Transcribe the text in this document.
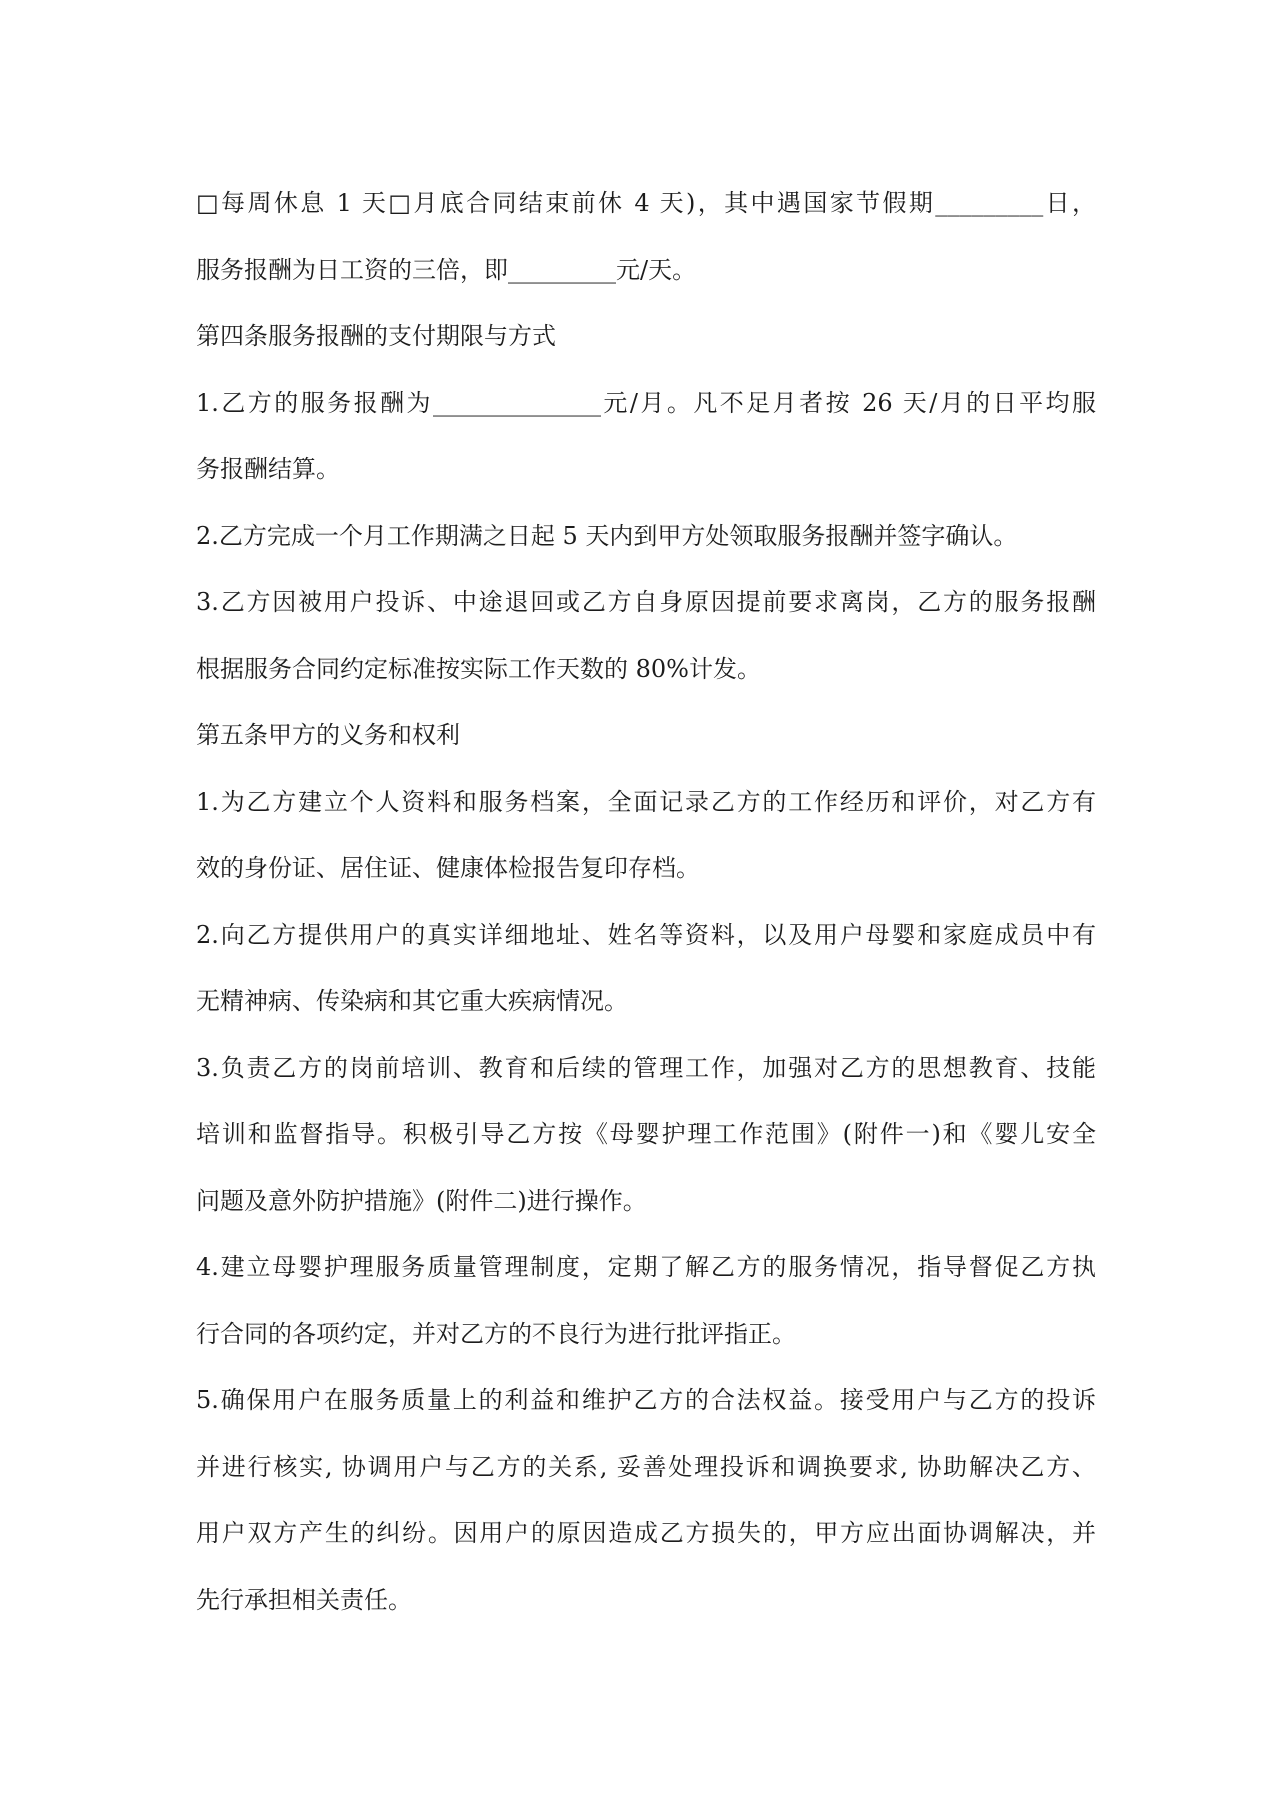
□每周休息 1 天□月底合同结束前休 4 天)，其中遇国家节假期_________日，
服务报酬为日工资的三倍，即_________元/天。
第四条服务报酬的支付期限与方式
1.乙方的服务报酬为______________元/月。凡不足月者按 26 天/月的日平均服
务报酬结算。
2.乙方完成一个月工作期满之日起 5 天内到甲方处领取服务报酬并签字确认。
3.乙方因被用户投诉、中途退回或乙方自身原因提前要求离岗，乙方的服务报酬
根据服务合同约定标准按实际工作天数的 80%计发。
第五条甲方的义务和权利
1.为乙方建立个人资料和服务档案，全面记录乙方的工作经历和评价，对乙方有
效的身份证、居住证、健康体检报告复印存档。
2.向乙方提供用户的真实详细地址、姓名等资料，以及用户母婴和家庭成员中有
无精神病、传染病和其它重大疾病情况。
3.负责乙方的岗前培训、教育和后续的管理工作，加强对乙方的思想教育、技能
培训和监督指导。积极引导乙方按《母婴护理工作范围》(附件一)和《婴儿安全
问题及意外防护措施》(附件二)进行操作。
4.建立母婴护理服务质量管理制度，定期了解乙方的服务情况，指导督促乙方执
行合同的各项约定，并对乙方的不良行为进行批评指正。
5.确保用户在服务质量上的利益和维护乙方的合法权益。接受用户与乙方的投诉
并进行核实, 协调用户与乙方的关系, 妥善处理投诉和调换要求, 协助解决乙方、
用户双方产生的纠纷。因用户的原因造成乙方损失的，甲方应出面协调解决，并
先行承担相关责任。
